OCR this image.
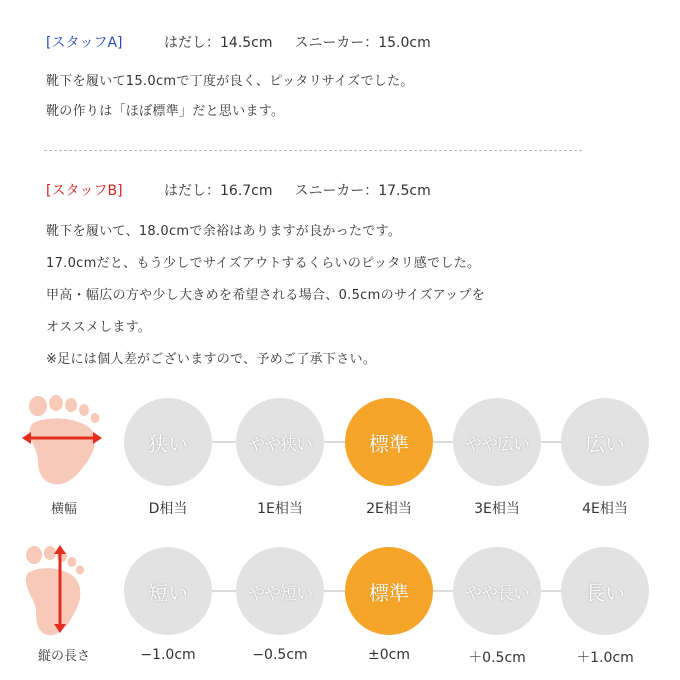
[スタッフA]	はだし：14.5cm スニーカー：15.0cm
靴下を履いて15.0cmで丁度が良く、ピッタリサイズでした。
靴の作りは「ほぼ標準」だと思います。
[スタッフB]	はだし：16.7cm スニーカー：17.5cm
靴下を履いて、18.0cmで余裕はありますが良かったです。
17.0cmだと、もう少しでサイズアウトするくらいのピッタリ感でした。
甲高・幅広の方や少し大きめを希望される場合、0.5cmのサイズアップを
オススメします。
※足には個人差がございますので、予めご了承下さい。
横幅
狭い	やや狭い	標準	やや広い	広い
D相当	1E相当	2E相当	3E相当	4E相当
縦の長さ
短い	やや短い	標準	やや長い	長い
−1.0cm	−0.5cm	±0cm	＋0.5cm	＋1.0cm
